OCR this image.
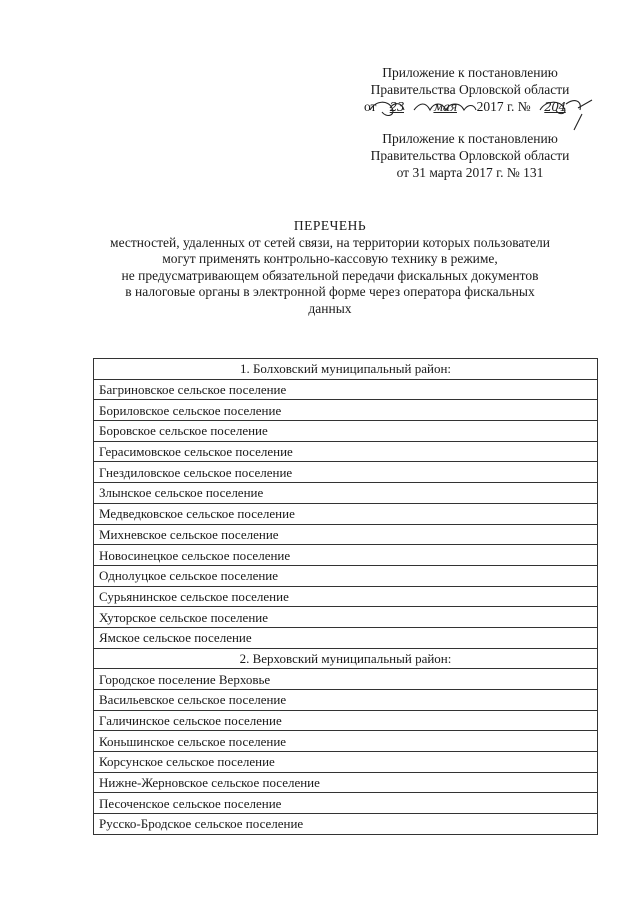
Приложение к постановлению
Правительства Орловской области
от 23 мая 2017 г. № 204
Приложение к постановлению
Правительства Орловской области
от 31 марта 2017 г. № 131
ПЕРЕЧЕНЬ
местностей, удаленных от сетей связи, на территории которых пользователи
могут применять контрольно-кассовую технику в режиме,
не предусматривающем обязательной передачи фискальных документов
в налоговые органы в электронной форме через оператора фискальных
данных
1. Болховский муниципальный район:
Багриновское сельское поселение
Бориловское сельское поселение
Боровское сельское поселение
Герасимовское сельское поселение
Гнездиловское сельское поселение
Злынское сельское поселение
Медведковское сельское поселение
Михневское сельское поселение
Новосинецкое сельское поселение
Однолуцкое сельское поселение
Сурьянинское сельское поселение
Хуторское сельское поселение
Ямское сельское поселение
2. Верховский муниципальный район:
Городское поселение Верховье
Васильевское сельское поселение
Галичинское сельское поселение
Коньшинское сельское поселение
Корсунское сельское поселение
Нижне-Жерновское сельское поселение
Песоченское сельское поселение
Русско-Бродское сельское поселение
